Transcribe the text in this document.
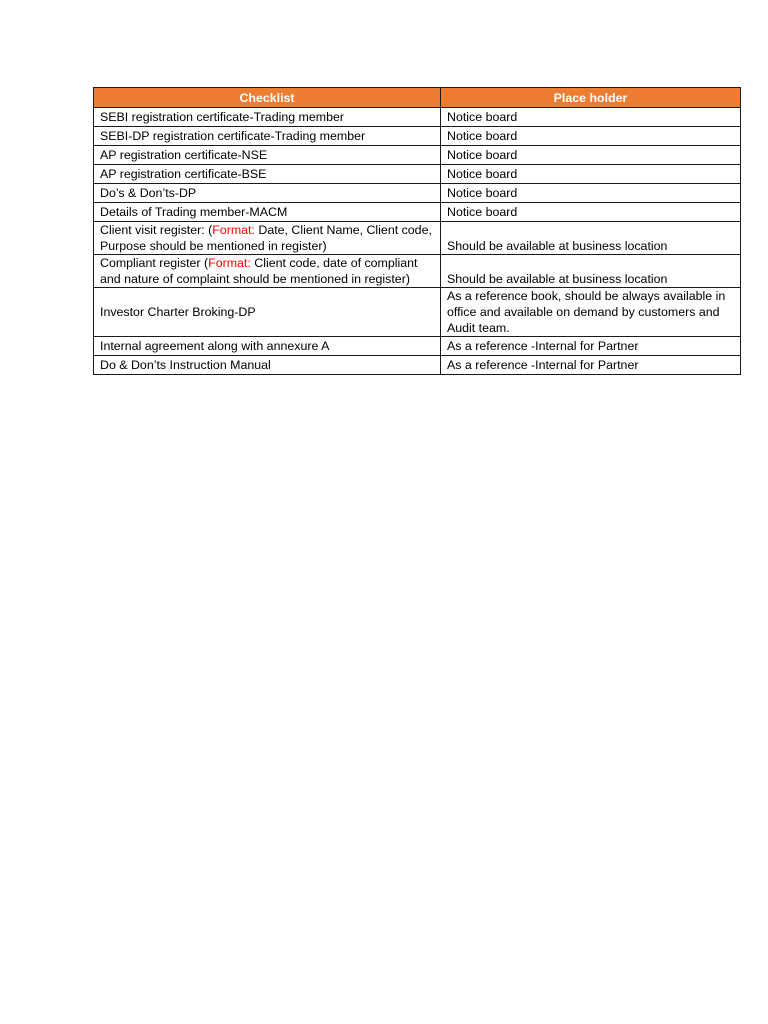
Checklist	Place holder
SEBI registration certificate-Trading member	Notice board
SEBI-DP registration certificate-Trading member	Notice board
AP registration certificate-NSE	Notice board
AP registration certificate-BSE	Notice board
Do’s & Don’ts-DP	Notice board
Details of Trading member-MACM	Notice board
Client visit register: (Format: Date, Client Name, Client code, Purpose should be mentioned in register)	Should be available at business location
Compliant register (Format: Client code, date of compliant and nature of complaint should be mentioned in register)	Should be available at business location
Investor Charter Broking-DP	As a reference book, should be always available in office and available on demand by customers and Audit team.
Internal agreement along with annexure A	As a reference -Internal for Partner
Do & Don’ts Instruction Manual	As a reference -Internal for Partner
